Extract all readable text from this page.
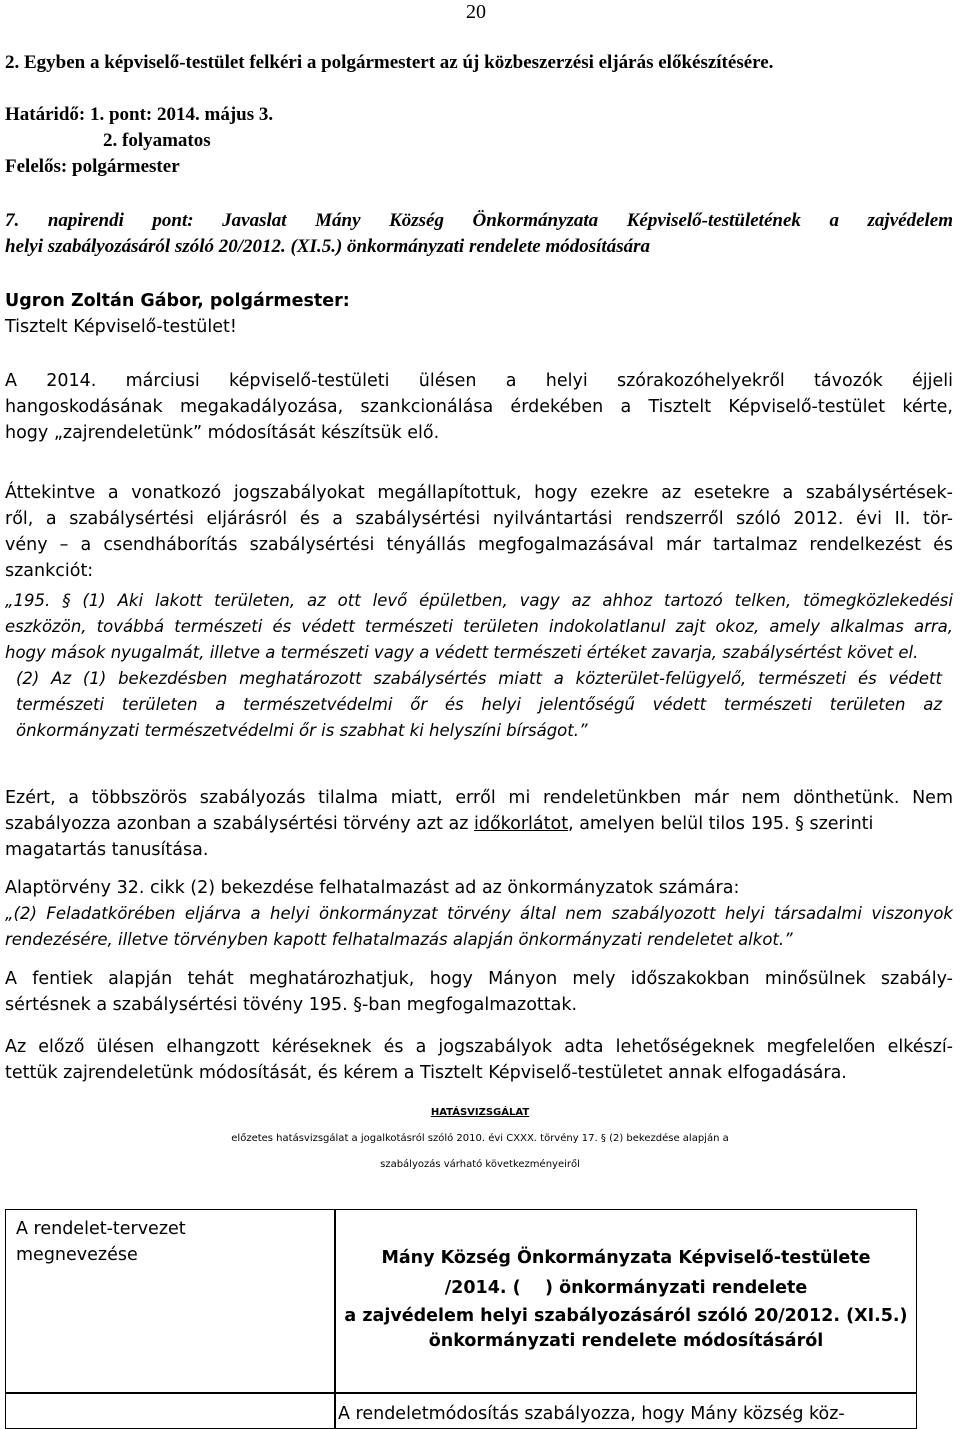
20
2. Egyben a képviselő-testület felkéri a polgármestert az új közbeszerzési eljárás előkészítésére.
Határidő: 1. pont: 2014. május 3.
2. folyamatos
Felelős: polgármester
7. napirendi pont: Javaslat Mány Község Önkormányzata Képviselő-testületének a zajvédelem
helyi szabályozásáról szóló 20/2012. (XI.5.) önkormányzati rendelete módosítására
Ugron Zoltán Gábor, polgármester:
Tisztelt Képviselő-testület!
A 2014. márciusi képviselő-testületi ülésen a helyi szórakozóhelyekről távozók éjjeli
hangoskodásának megakadályozása, szankcionálása érdekében a Tisztelt Képviselő-testület kérte,
hogy „zajrendeletünk” módosítását készítsük elő.
Áttekintve a vonatkozó jogszabályokat megállapítottuk, hogy ezekre az esetekre a szabálysértések-
ről, a szabálysértési eljárásról és a szabálysértési nyilvántartási rendszerről szóló 2012. évi II. tör-
vény – a csendháborítás szabálysértési tényállás megfogalmazásával már tartalmaz rendelkezést és
szankciót:
„195. § (1) Aki lakott területen, az ott levő épületben, vagy az ahhoz tartozó telken, tömegközlekedési
eszközön, továbbá természeti és védett természeti területen indokolatlanul zajt okoz, amely alkalmas arra,
hogy mások nyugalmát, illetve a természeti vagy a védett természeti értéket zavarja, szabálysértést követ el.
(2) Az (1) bekezdésben meghatározott szabálysértés miatt a közterület-felügyelő, természeti és védett
természeti területen a természetvédelmi őr és helyi jelentőségű védett természeti területen az
önkormányzati természetvédelmi őr is szabhat ki helyszíni bírságot.”
Ezért, a többszörös szabályozás tilalma miatt, erről mi rendeletünkben már nem dönthetünk. Nem
szabályozza azonban a szabálysértési törvény azt az időkorlátot, amelyen belül tilos 195. § szerinti
magatartás tanusítása.
Alaptörvény 32. cikk (2) bekezdése felhatalmazást ad az önkormányzatok számára:
„(2) Feladatkörében eljárva a helyi önkormányzat törvény által nem szabályozott helyi társadalmi viszonyok
rendezésére, illetve törvényben kapott felhatalmazás alapján önkormányzati rendeletet alkot.”
A fentiek alapján tehát meghatározhatjuk, hogy Mányon mely időszakokban minősülnek szabály-
sértésnek a szabálysértési tövény 195. §-ban megfogalmazottak.
Az előző ülésen elhangzott kéréseknek és a jogszabályok adta lehetőségeknek megfelelően elkészí-
tettük zajrendeletünk módosítását, és kérem a Tisztelt Képviselő-testületet annak elfogadására.
HATÁSVIZSGÁLAT
előzetes hatásvizsgálat a jogalkotásról szóló 2010. évi CXXX. törvény 17. § (2) bekezdése alapján a
szabályozás várható következményeiről
A rendelet-tervezet
megnevezése	Mány Község Önkormányzata Képviselő-testülete
/2014. (    ) önkormányzati rendelete
a zajvédelem helyi szabályozásáról szóló 20/2012. (XI.5.)
önkormányzati rendelete módosításáról
A rendeletmódosítás szabályozza, hogy Mány község köz-
